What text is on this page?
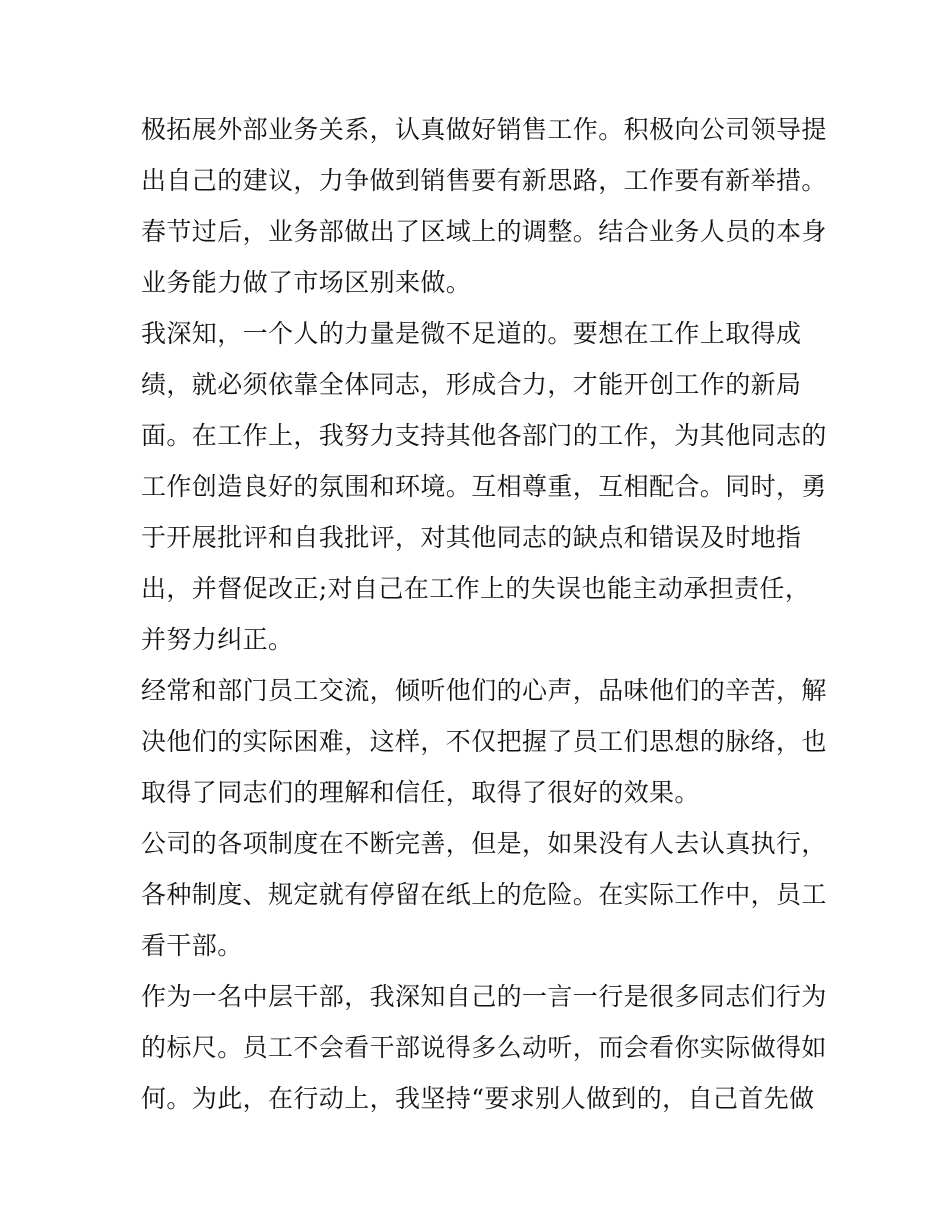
极拓展外部业务关系，认真做好销售工作。积极向公司领导提
出自己的建议，力争做到销售要有新思路，工作要有新举措。
春节过后，业务部做出了区域上的调整。结合业务人员的本身
业务能力做了市场区别来做。
我深知，一个人的力量是微不足道的。要想在工作上取得成
绩，就必须依靠全体同志，形成合力，才能开创工作的新局
面。在工作上，我努力支持其他各部门的工作，为其他同志的
工作创造良好的氛围和环境。互相尊重，互相配合。同时，勇
于开展批评和自我批评，对其他同志的缺点和错误及时地指
出，并督促改正;对自己在工作上的失误也能主动承担责任，
并努力纠正。
经常和部门员工交流，倾听他们的心声，品味他们的辛苦，解
决他们的实际困难，这样，不仅把握了员工们思想的脉络，也
取得了同志们的理解和信任，取得了很好的效果。
公司的各项制度在不断完善，但是，如果没有人去认真执行，
各种制度、规定就有停留在纸上的危险。在实际工作中，员工
看干部。
作为一名中层干部，我深知自己的一言一行是很多同志们行为
的标尺。员工不会看干部说得多么动听，而会看你实际做得如
何。为此，在行动上，我坚持“要求别人做到的，自己首先做
